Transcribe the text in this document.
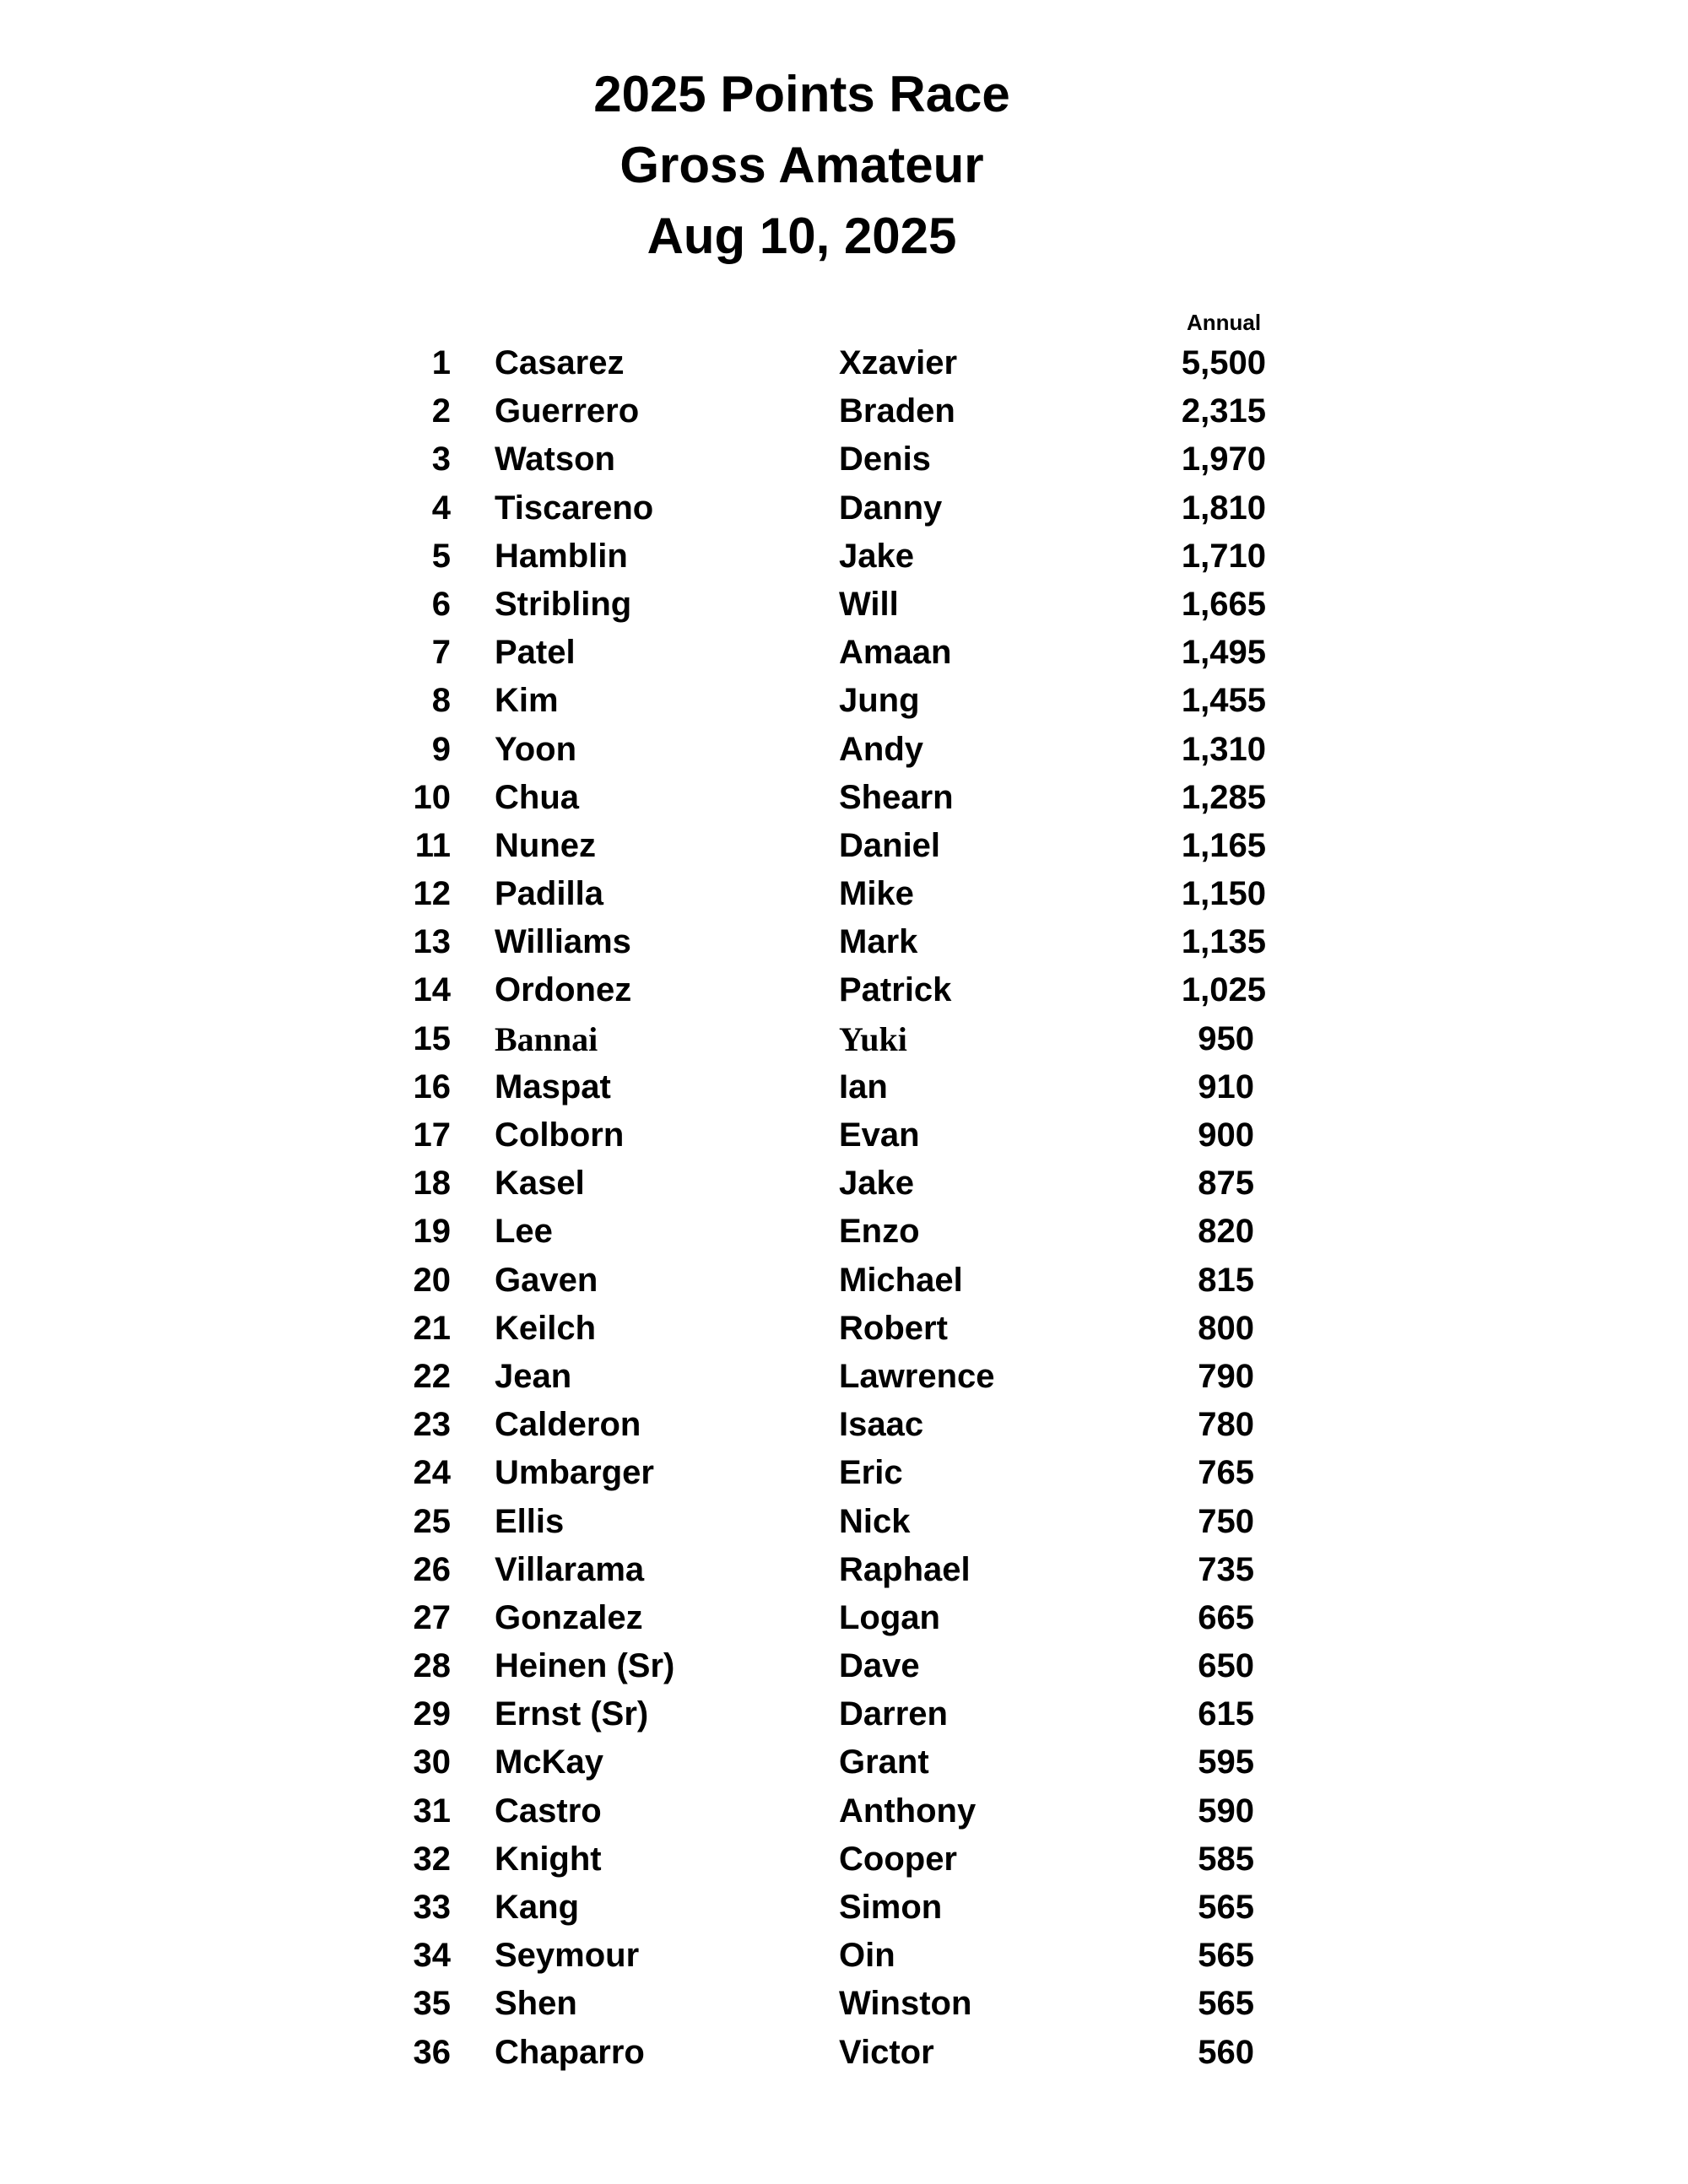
2025 Points Race
Gross Amateur
Aug 10, 2025
Annual
1 Casarez	Xzavier	5,500
2 Guerrero	Braden	2,315
3 Watson	Denis	1,970
4 Tiscareno	Danny	1,810
5 Hamblin	Jake	1,710
6 Stribling	Will	1,665
7 Patel	Amaan	1,495
8 Kim	Jung	1,455
9 Yoon	Andy	1,310
10 Chua	Shearn	1,285
11 Nunez	Daniel	1,165
12 Padilla	Mike	1,150
13 Williams	Mark	1,135
14 Ordonez	Patrick	1,025
15 Bannai	Yuki	950
16 Maspat	Ian	910
17 Colborn	Evan	900
18 Kasel	Jake	875
19 Lee	Enzo	820
20 Gaven	Michael	815
21 Keilch	Robert	800
22 Jean	Lawrence	790
23 Calderon	Isaac	780
24 Umbarger	Eric	765
25 Ellis	Nick	750
26 Villarama	Raphael	735
27 Gonzalez	Logan	665
28 Heinen (Sr)	Dave	650
29 Ernst (Sr)	Darren	615
30 McKay	Grant	595
31 Castro	Anthony	590
32 Knight	Cooper	585
33 Kang	Simon	565
34 Seymour	Oin	565
35 Shen	Winston	565
36 Chaparro	Victor	560
